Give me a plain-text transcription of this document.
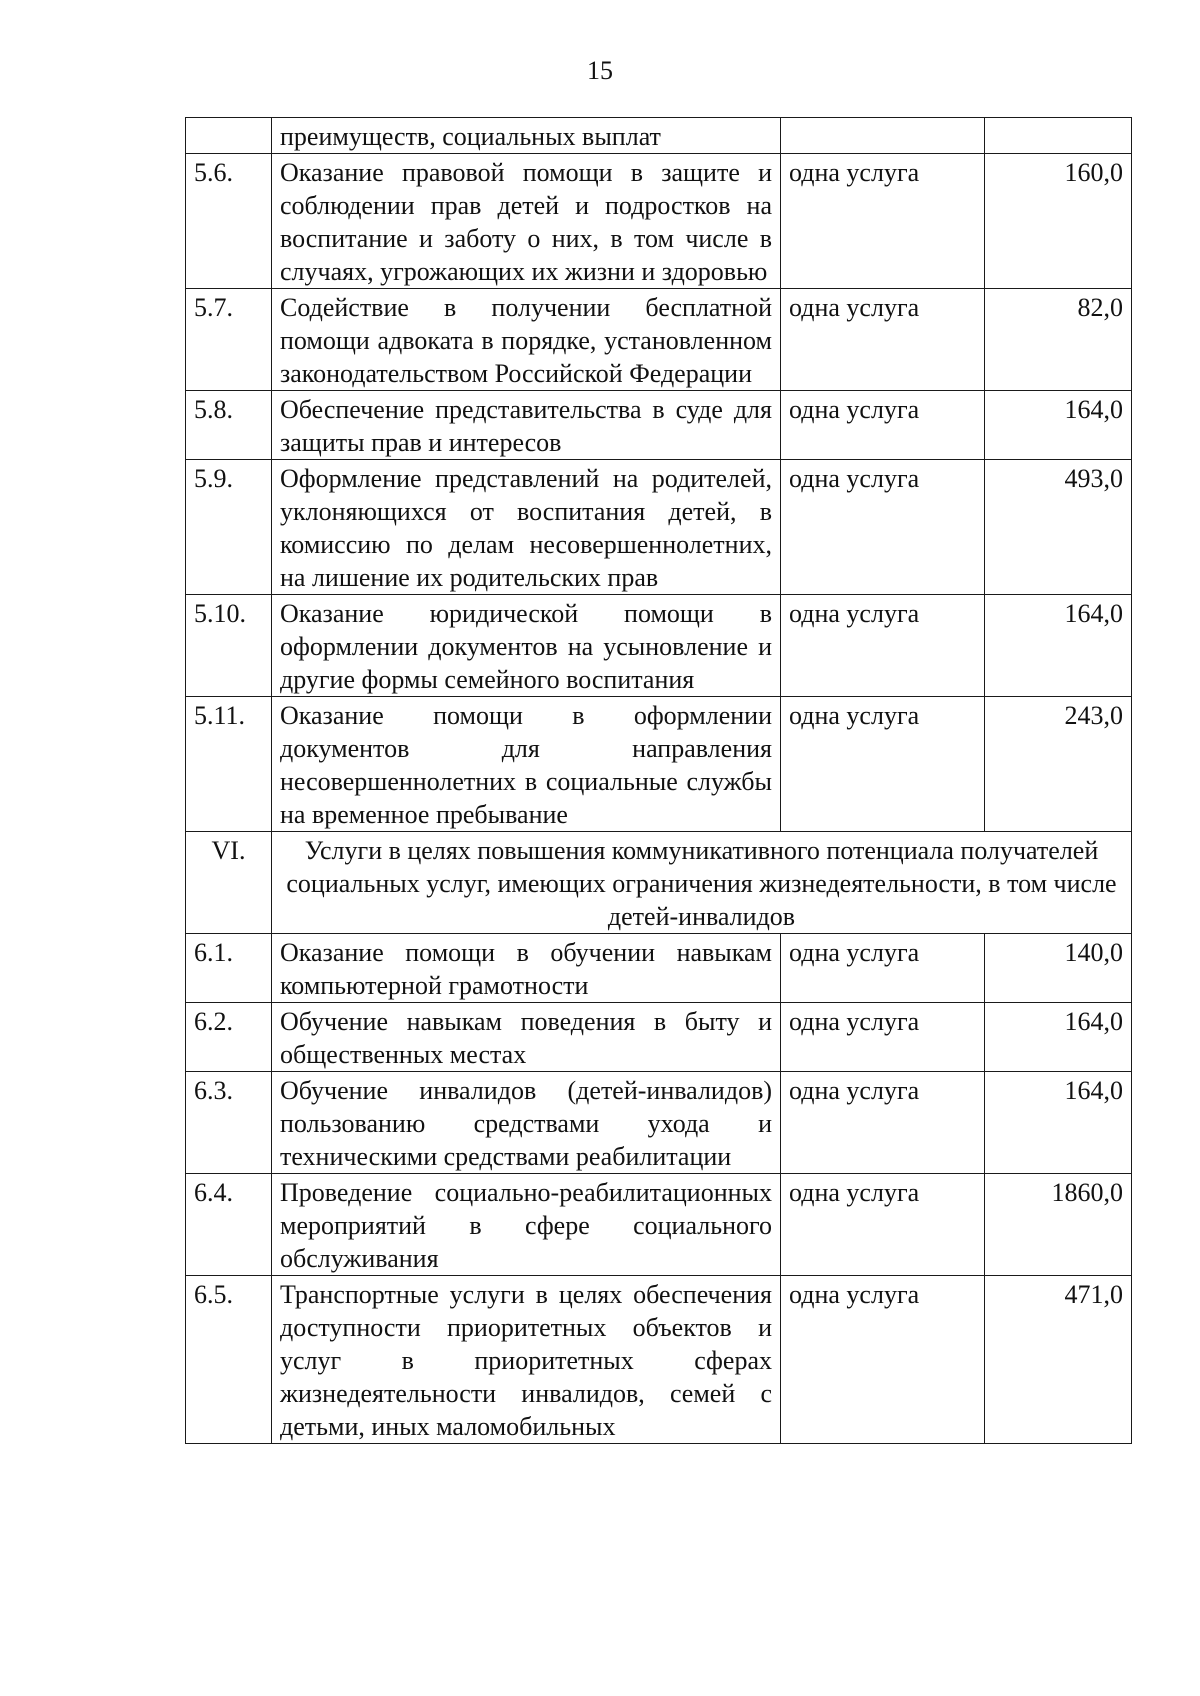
15
	преимуществ, социальных выплат		
5.6.	Оказание правовой помощи в защите и соблюдении прав детей и подростков на воспитание и заботу о них, в том числе в случаях, угрожающих их жизни и здоровью	одна услуга	160,0
5.7.	Содействие в получении бесплатной помощи адвоката в порядке, установленном законодательством Российской Федерации	одна услуга	82,0
5.8.	Обеспечение представительства в суде для защиты прав и интересов	одна услуга	164,0
5.9.	Оформление представлений на родителей, уклоняющихся от воспитания детей, в комиссию по делам несовершеннолетних, на лишение их родительских прав	одна услуга	493,0
5.10.	Оказание юридической помощи в оформлении документов на усыновление и другие формы семейного воспитания	одна услуга	164,0
5.11.	Оказание помощи в оформлении документов для направления несовершеннолетних в социальные службы на временное пребывание	одна услуга	243,0
VI.	Услуги в целях повышения коммуникативного потенциала получателей социальных услуг, имеющих ограничения жизнедеятельности, в том числе детей-инвалидов		
6.1.	Оказание помощи в обучении навыкам компьютерной грамотности	одна услуга	140,0
6.2.	Обучение навыкам поведения в быту и общественных местах	одна услуга	164,0
6.3.	Обучение инвалидов (детей-инвалидов) пользованию средствами ухода и техническими средствами реабилитации	одна услуга	164,0
6.4.	Проведение социально-реабилитационных мероприятий в сфере социального обслуживания	одна услуга	1860,0
6.5.	Транспортные услуги в целях обеспечения доступности приоритетных объектов и услуг в приоритетных сферах жизнедеятельности инвалидов, семей с детьми, иных маломобильных	одна услуга	471,0
